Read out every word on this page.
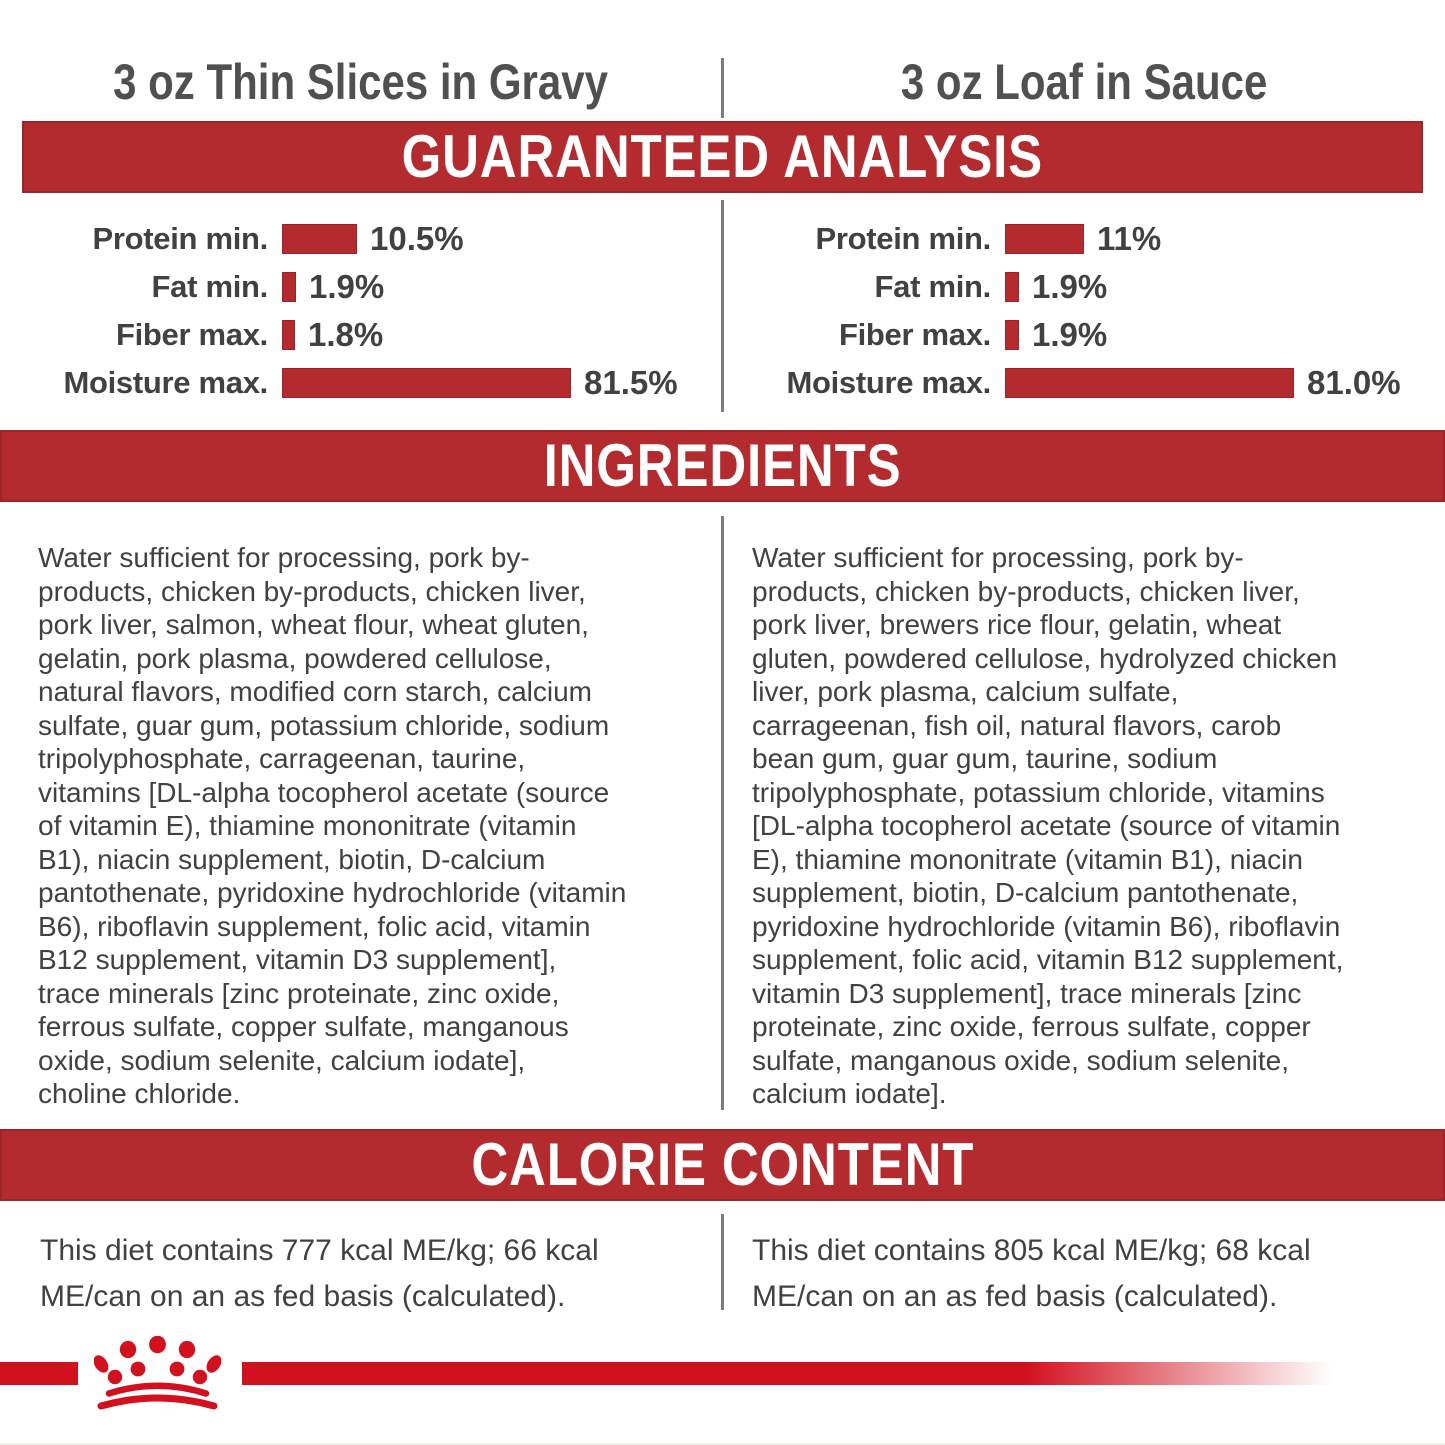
3 oz Thin Slices in Gravy	3 oz Loaf in Sauce
GUARANTEED ANALYSIS
Protein min.	10.5%
Fat min. 1.9%
Fiber max. 1.8%
Moisture max.	81.5%
Protein min.	11%
Fat min. 1.9%
Fiber max. 1.9%
Moisture max.	81.0%
INGREDIENTS
Water sufficient for processing, pork by-
products, chicken by-products, chicken liver,
pork liver, salmon, wheat flour, wheat gluten,
gelatin, pork plasma, powdered cellulose,
natural flavors, modified corn starch, calcium
sulfate, guar gum, potassium chloride, sodium
tripolyphosphate, carrageenan, taurine,
vitamins [DL-alpha tocopherol acetate (source
of vitamin E), thiamine mononitrate (vitamin
B1), niacin supplement, biotin, D-calcium
pantothenate, pyridoxine hydrochloride (vitamin
B6), riboflavin supplement, folic acid, vitamin
B12 supplement, vitamin D3 supplement],
trace minerals [zinc proteinate, zinc oxide,
ferrous sulfate, copper sulfate, manganous
oxide, sodium selenite, calcium iodate],
choline chloride.
Water sufficient for processing, pork by-
products, chicken by-products, chicken liver,
pork liver, brewers rice flour, gelatin, wheat
gluten, powdered cellulose, hydrolyzed chicken
liver, pork plasma, calcium sulfate,
carrageenan, fish oil, natural flavors, carob
bean gum, guar gum, taurine, sodium
tripolyphosphate, potassium chloride, vitamins
[DL-alpha tocopherol acetate (source of vitamin
E), thiamine mononitrate (vitamin B1), niacin
supplement, biotin, D-calcium pantothenate,
pyridoxine hydrochloride (vitamin B6), riboflavin
supplement, folic acid, vitamin B12 supplement,
vitamin D3 supplement], trace minerals [zinc
proteinate, zinc oxide, ferrous sulfate, copper
sulfate, manganous oxide, sodium selenite,
calcium iodate].
CALORIE CONTENT
This diet contains 777 kcal ME/kg; 66 kcal
ME/can on an as fed basis (calculated).
This diet contains 805 kcal ME/kg; 68 kcal
ME/can on an as fed basis (calculated).
